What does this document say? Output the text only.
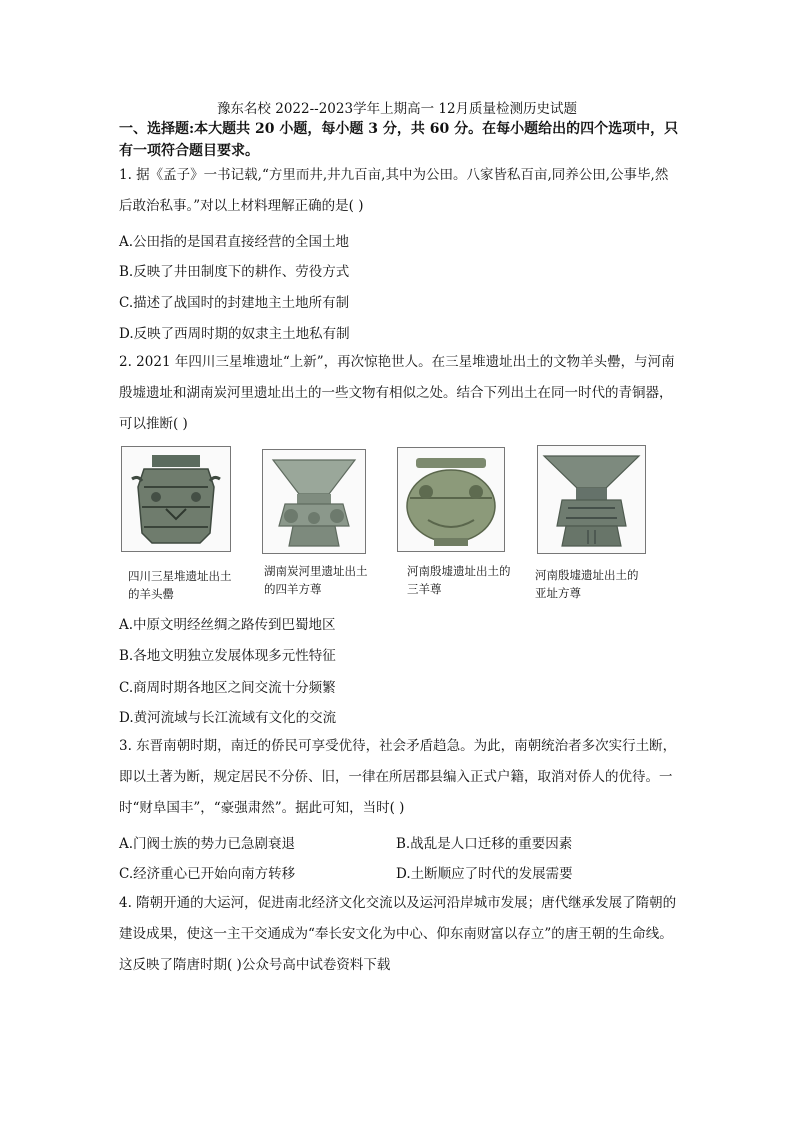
豫东名校 2022--2023学年上期高一 12月质量检测历史试题
一、选择题:本大题共 20 小题，每小题 3 分，共 60 分。在每小题给出的四个选项中，只有一项符合题目要求。
1. 据《孟子》一书记载,“方里而井,井九百亩,其中为公田。八家皆私百亩,同养公田,公事毕,然后敢治私事。”对以上材料理解正确的是( )
A.公田指的是国君直接经营的全国土地
B.反映了井田制度下的耕作、劳役方式
C.描述了战国时的封建地主土地所有制
D.反映了西周时期的奴隶主土地私有制
2. 2021 年四川三星堆遗址“上新”，再次惊艳世人。在三星堆遗址出土的文物羊头罍，与河南殷墟遗址和湖南炭河里遗址出土的一些文物有相似之处。结合下列出土在同一时代的青铜器，可以推断( )
四川三星堆遗址出土的羊头罍
湖南炭河里遗址出土的四羊方尊
河南殷墟遗址出土的三羊尊
河南殷墟遗址出土的亚址方尊
A.中原文明经丝绸之路传到巴蜀地区
B.各地文明独立发展体现多元性特征
C.商周时期各地区之间交流十分频繁
D.黄河流域与长江流域有文化的交流
3. 东晋南朝时期，南迁的侨民可享受优待，社会矛盾趋急。为此，南朝统治者多次实行土断，即以土著为断，规定居民不分侨、旧，一律在所居郡县编入正式户籍，取消对侨人的优待。一时“财阜国丰”，“豪强肃然”。据此可知，当时( )
A.门阀士族的势力已急剧衰退	B.战乱是人口迁移的重要因素
C.经济重心已开始向南方转移	D.土断顺应了时代的发展需要
4. 隋朝开通的大运河，促进南北经济文化交流以及运河沿岸城市发展；唐代继承发展了隋朝的建设成果，使这一主干交通成为“奉长安文化为中心、仰东南财富以存立”的唐王朝的生命线。这反映了隋唐时期( )公众号高中试卷资料下载
